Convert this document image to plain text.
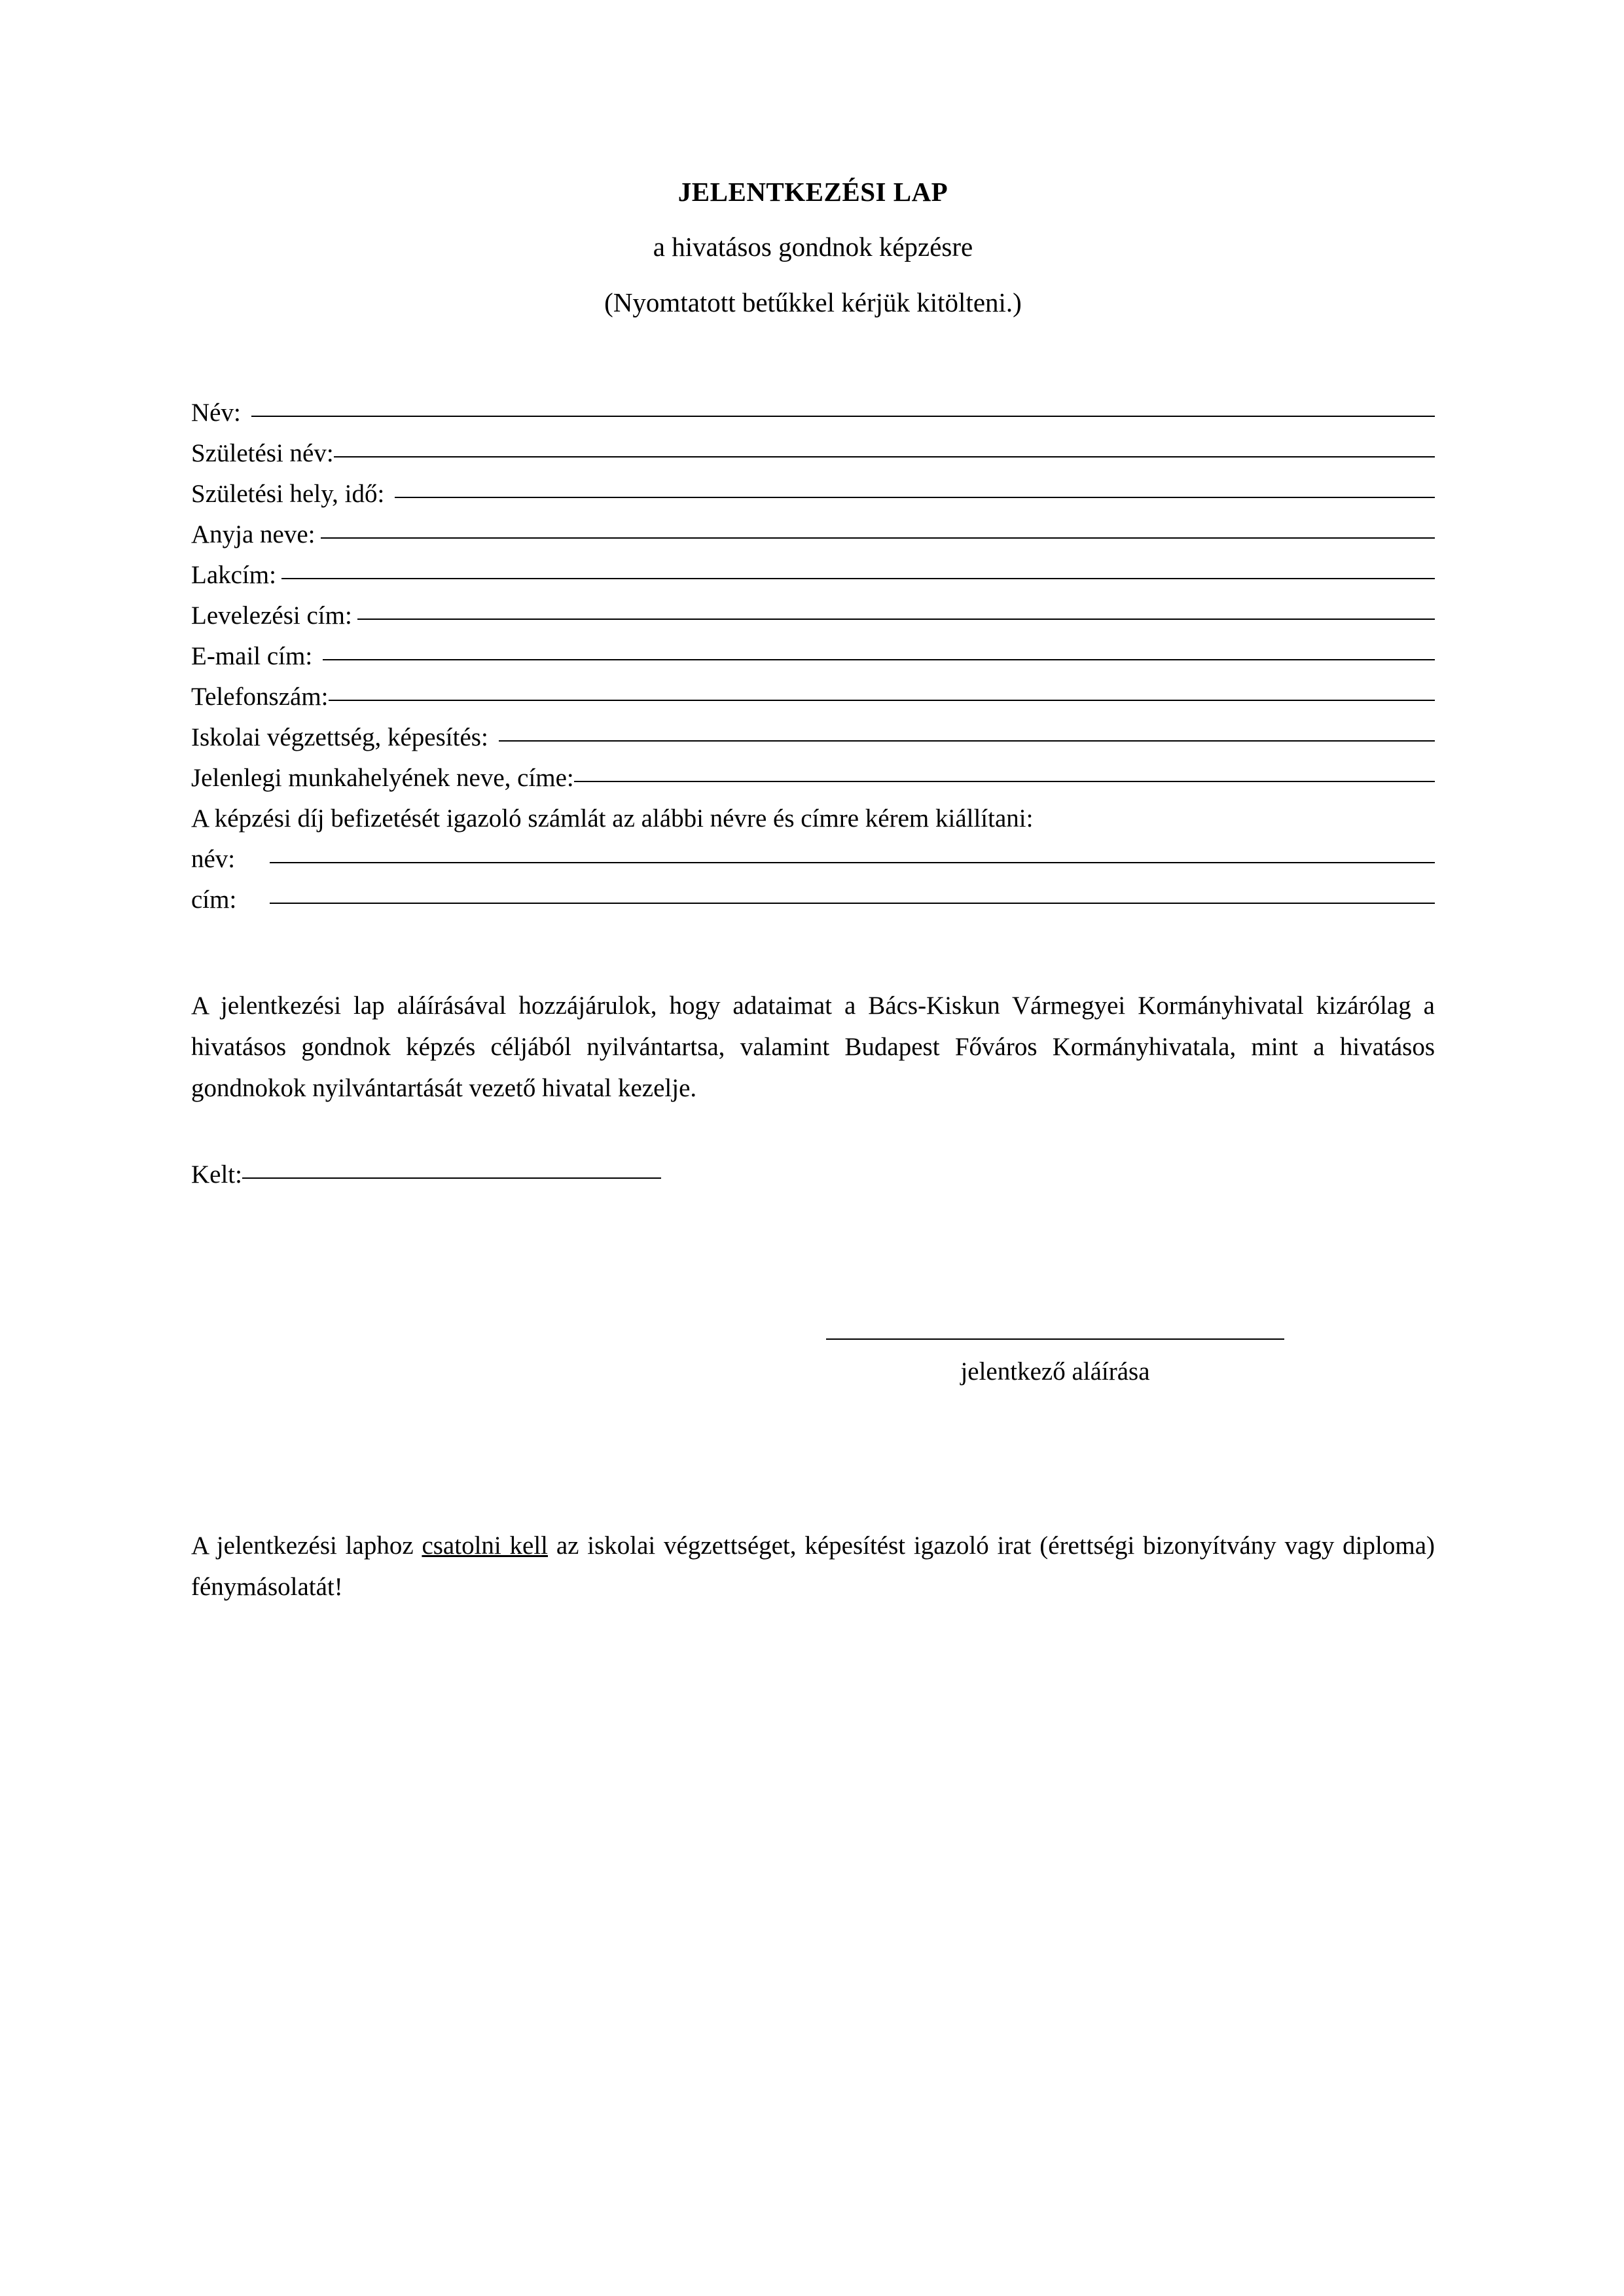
JELENTKEZÉSI LAP
a hivatásos gondnok képzésre
(Nyomtatott betűkkel kérjük kitölteni.)
Név:
Születési név:
Születési hely, idő:
Anyja neve:
Lakcím:
Levelezési cím:
E-mail cím:
Telefonszám:
Iskolai végzettség, képesítés:
Jelenlegi munkahelyének neve, címe:
A képzési díj befizetését igazoló számlát az alábbi névre és címre kérem kiállítani:
név:
cím:
A jelentkezési lap aláírásával hozzájárulok, hogy adataimat a Bács-Kiskun Vármegyei Kormányhivatal kizárólag a hivatásos gondnok képzés céljából nyilvántartsa, valamint Budapest Főváros Kormányhivatala, mint a hivatásos gondnokok nyilvántartását vezető hivatal kezelje.
Kelt:
jelentkező aláírása
A jelentkezési laphoz csatolni kell az iskolai végzettséget, képesítést igazoló irat (érettségi bizonyítvány vagy diploma) fénymásolatát!
